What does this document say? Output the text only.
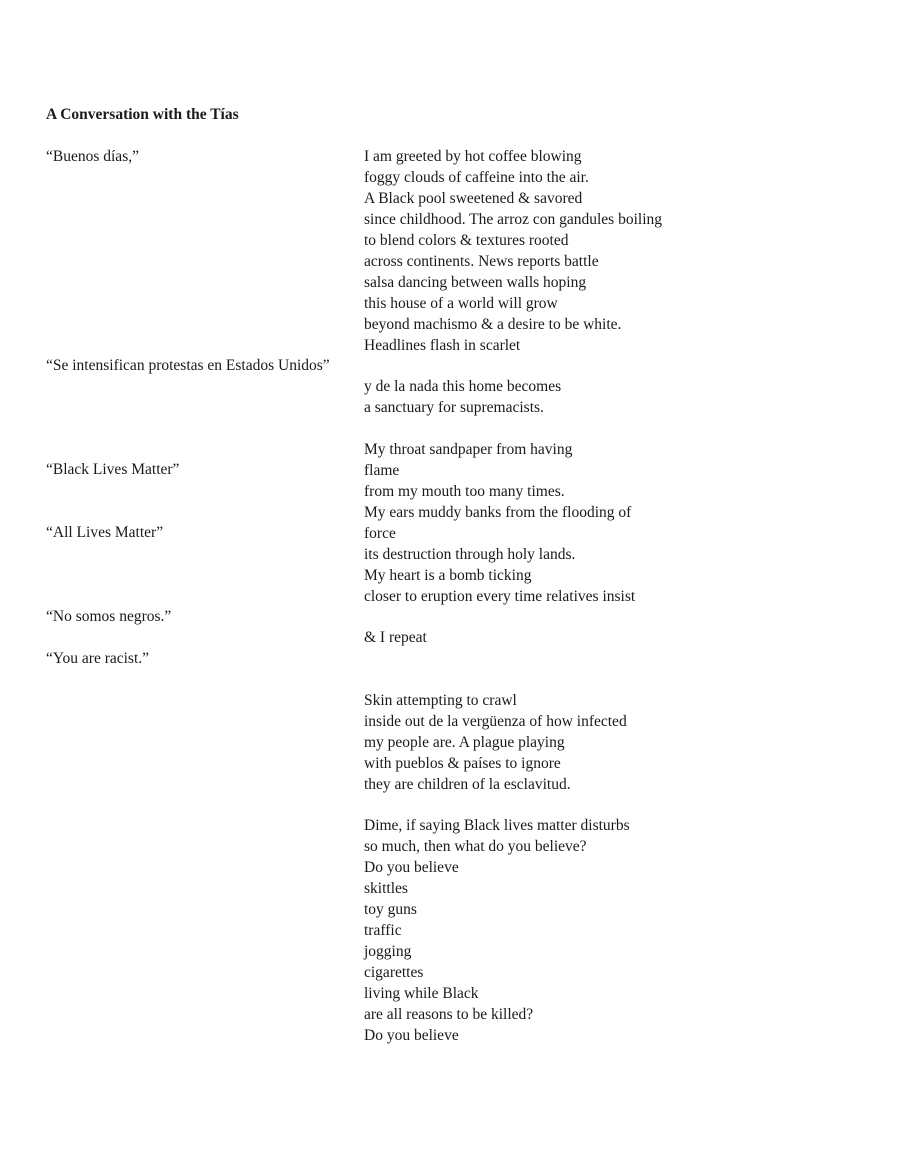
A Conversation with the Tías
“Buenos días,”
“Se intensifican protestas en Estados Unidos”
“Black Lives Matter”
“All Lives Matter”
“No somos negros.”
“You are racist.”
I am greeted by hot coffee blowing
foggy clouds of caffeine into the air.
A Black pool sweetened & savored
since childhood. The arroz con gandules boiling
to blend colors & textures rooted
across continents. News reports battle
salsa dancing between walls hoping
this house of a world will grow
beyond machismo & a desire to be white.
Headlines flash in scarlet
y de la nada this home becomes
a sanctuary for supremacists.
My throat sandpaper from having
flame
from my mouth too many times.
My ears muddy banks from the flooding of
force
its destruction through holy lands.
My heart is a bomb ticking
closer to eruption every time relatives insist
& I repeat
Skin attempting to crawl
inside out de la vergüenza of how infected
my people are. A plague playing
with pueblos & países to ignore
they are children of la esclavitud.
Dime, if saying Black lives matter disturbs
so much, then what do you believe?
Do you believe
skittles
toy guns
traffic
jogging
cigarettes
living while Black
are all reasons to be killed?
Do you believe
